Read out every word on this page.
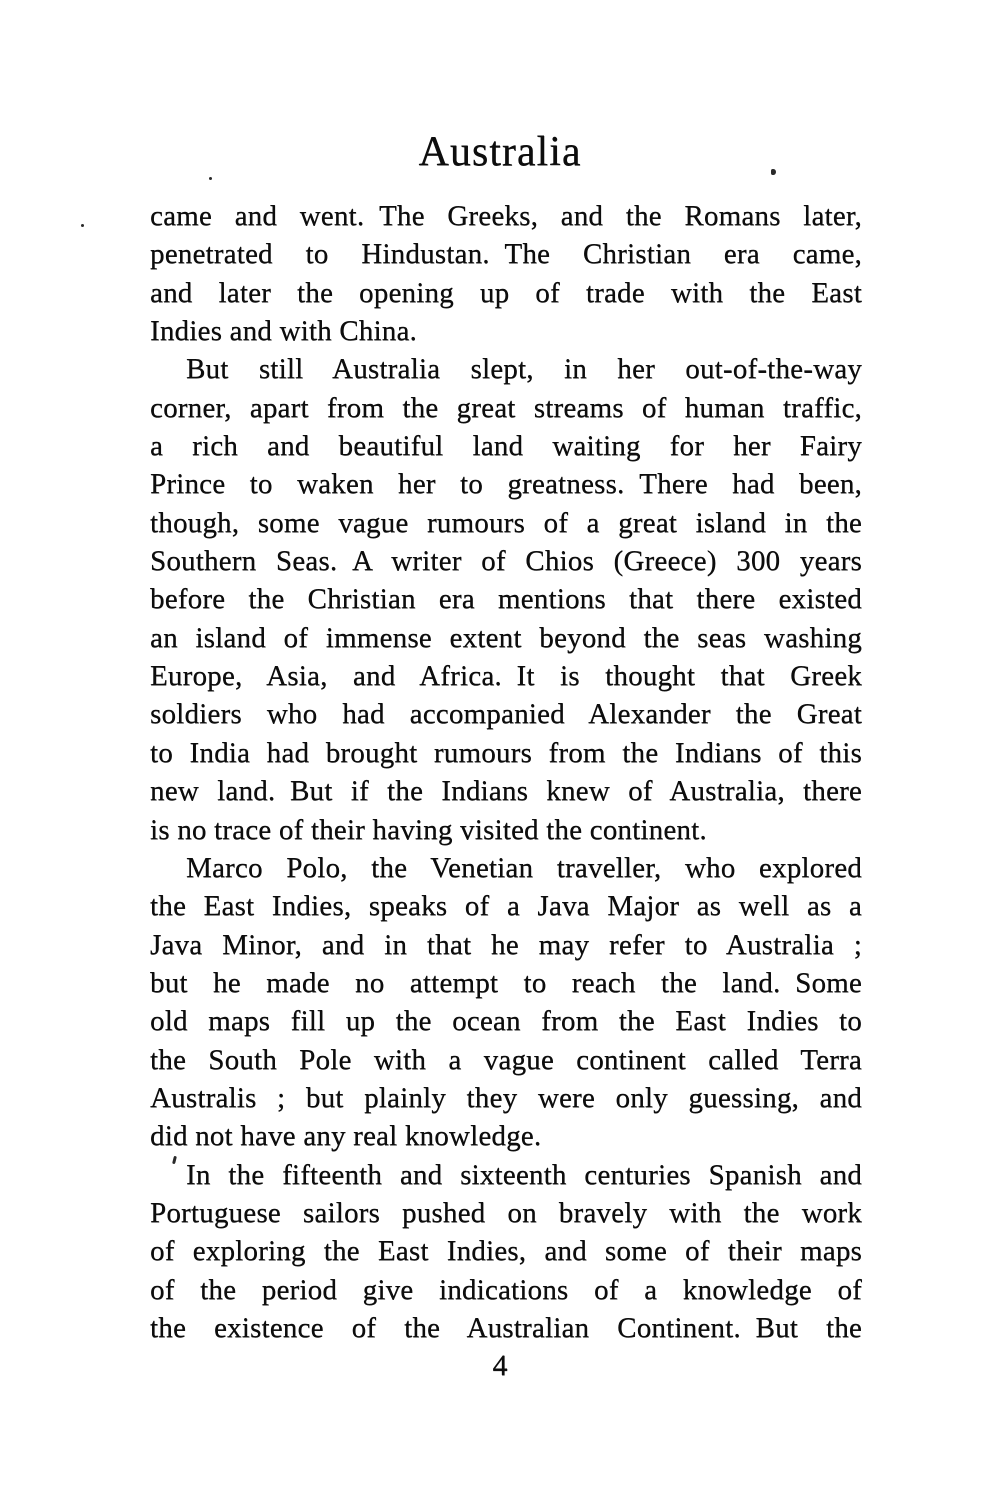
Australia
came and went. The Greeks, and the Romans later,
penetrated to Hindustan. The Christian era came,
and later the opening up of trade with the East
Indies and with China.
But still Australia slept, in her out-of-the-way
corner, apart from the great streams of human traffic,
a rich and beautiful land waiting for her Fairy
Prince to waken her to greatness. There had been,
though, some vague rumours of a great island in the
Southern Seas. A writer of Chios (Greece) 300 years
before the Christian era mentions that there existed
an island of immense extent beyond the seas washing
Europe, Asia, and Africa. It is thought that Greek
soldiers who had accompanied Alexander the Great
to India had brought rumours from the Indians of this
new land. But if the Indians knew of Australia, there
is no trace of their having visited the continent.
Marco Polo, the Venetian traveller, who explored
the East Indies, speaks of a Java Major as well as a
Java Minor, and in that he may refer to Australia ;
but he made no attempt to reach the land. Some
old maps fill up the ocean from the East Indies to
the South Pole with a vague continent called Terra
Australis ; but plainly they were only guessing, and
did not have any real knowledge.
In the fifteenth and sixteenth centuries Spanish and
Portuguese sailors pushed on bravely with the work
of exploring the East Indies, and some of their maps
of the period give indications of a knowledge of
the existence of the Australian Continent. But the
4
